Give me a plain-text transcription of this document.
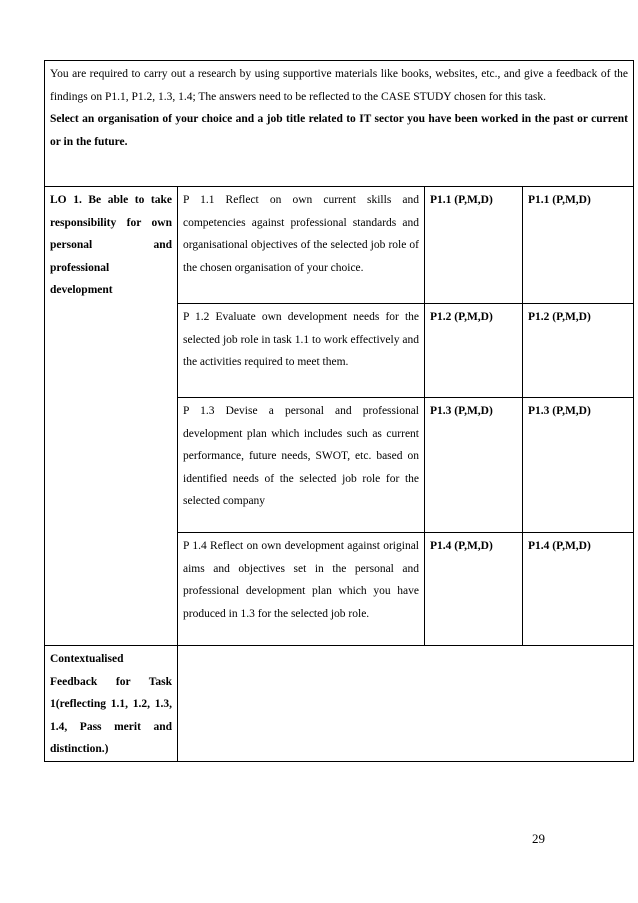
You are required to carry out a research by using supportive materials like books, websites, etc., and give a feedback of the findings on P1.1, P1.2, 1.3, 1.4; The answers need to be reflected to the CASE STUDY chosen for this task.
Select an organisation of your choice and a job title related to IT sector you have been worked in the past or current or in the future.			

LO 1. Be able to take responsibility for own personal and professional development	P 1.1 Reflect on own current skills and competencies against professional standards and organisational objectives of the selected job role of the chosen organisation of your choice.	P1.1 (P,M,D)	P1.1 (P,M,D)
	P 1.2 Evaluate own development needs for the selected job role in task 1.1 to work effectively and the activities required to meet them.	P1.2 (P,M,D)	P1.2 (P,M,D)
	P 1.3 Devise a personal and professional development plan which includes such as current performance, future needs, SWOT, etc. based on identified needs of the selected job role for the selected company	P1.3 (P,M,D)	P1.3 (P,M,D)
	P 1.4 Reflect on own development against original aims and objectives set in the personal and professional development plan which you have produced in 1.3 for the selected job role.	P1.4 (P,M,D)	P1.4 (P,M,D)
Contextualised Feedback for Task 1(reflecting 1.1, 1.2, 1.3, 1.4, Pass merit and distinction.)			
29
